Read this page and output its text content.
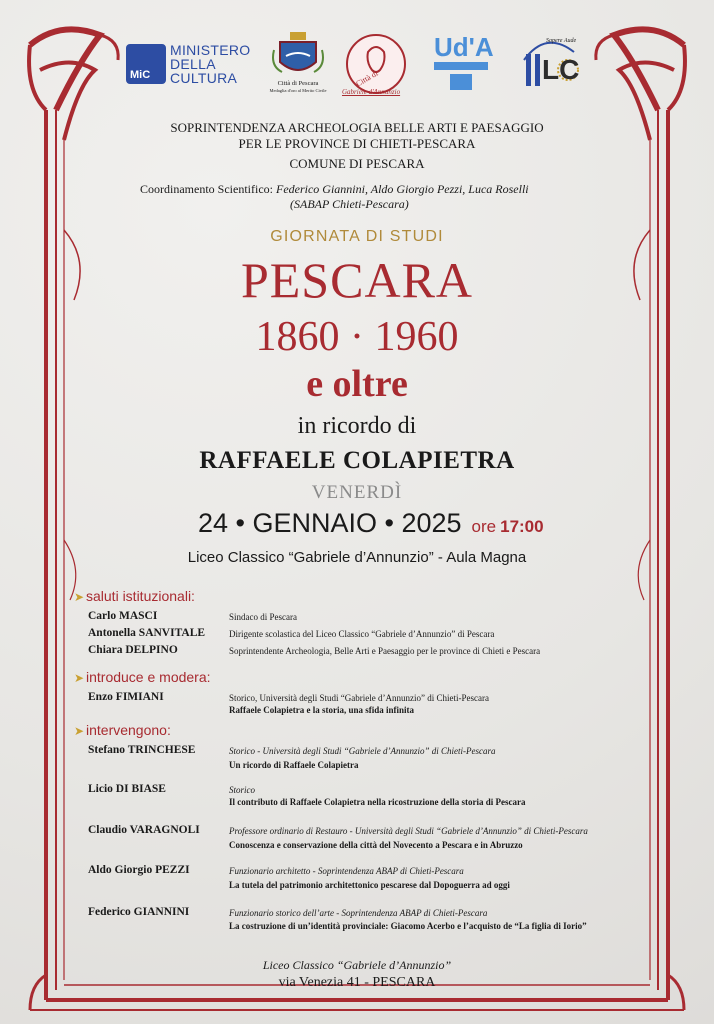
MiC
MINISTERO
DELLA
CULTURA	Città di Pescara
Medaglia d'oro al Merito Civile
Città di
Gabriele d'Annunzio
Ud'A
LC
Sapere Aude
SOPRINTENDENZA ARCHEOLOGIA BELLE ARTI E PAESAGGIO
PER LE PROVINCE DI CHIETI-PESCARA
COMUNE DI PESCARA
Coordinamento Scientifico: Federico Giannini, Aldo Giorgio Pezzi, Luca Roselli
(SABAP Chieti-Pescara)
GIORNATA DI STUDI
PESCARA
1860 · 1960
e oltre
in ricordo di
RAFFAELE COLAPIETRA
VENERDÌ
24 • GENNAIO • 2025 ore 17:00
Liceo Classico “Gabriele d’Annunzio” - Aula Magna
➤ saluti istituzionali:
Carlo MASCI	Sindaco di Pescara
Antonella SANVITALE	Dirigente scolastica del Liceo Classico “Gabriele d’Annunzio” di Pescara
Chiara DELPINO	Soprintendente Archeologia, Belle Arti e Paesaggio per le province di Chieti e Pescara
➤ introduce e modera:
Enzo FIMIANI	Storico, Università degli Studi “Gabriele d’Annunzio” di Chieti-Pescara
Raffaele Colapietra e la storia, una sfida infinita
➤ intervengono:
Stefano TRINCHESE	Storico - Università degli Studi “Gabriele d’Annunzio” di Chieti-Pescara
Un ricordo di Raffaele Colapietra
Licio DI BIASE	Storico
Il contributo di Raffaele Colapietra nella ricostruzione della storia di Pescara
Claudio VARAGNOLI	Professore ordinario di Restauro - Università degli Studi “Gabriele d’Annunzio” di Chieti-Pescara
Conoscenza e conservazione della città del Novecento a Pescara e in Abruzzo
Aldo Giorgio PEZZI	Funzionario architetto - Soprintendenza ABAP di Chieti-Pescara
La tutela del patrimonio architettonico pescarese dal Dopoguerra ad oggi
Federico GIANNINI	Funzionario storico dell’arte - Soprintendenza ABAP di Chieti-Pescara
La costruzione di un’identità provinciale: Giacomo Acerbo e l’acquisto de “La figlia di Iorio”
Liceo Classico “Gabriele d’Annunzio”
via Venezia 41 - PESCARA
